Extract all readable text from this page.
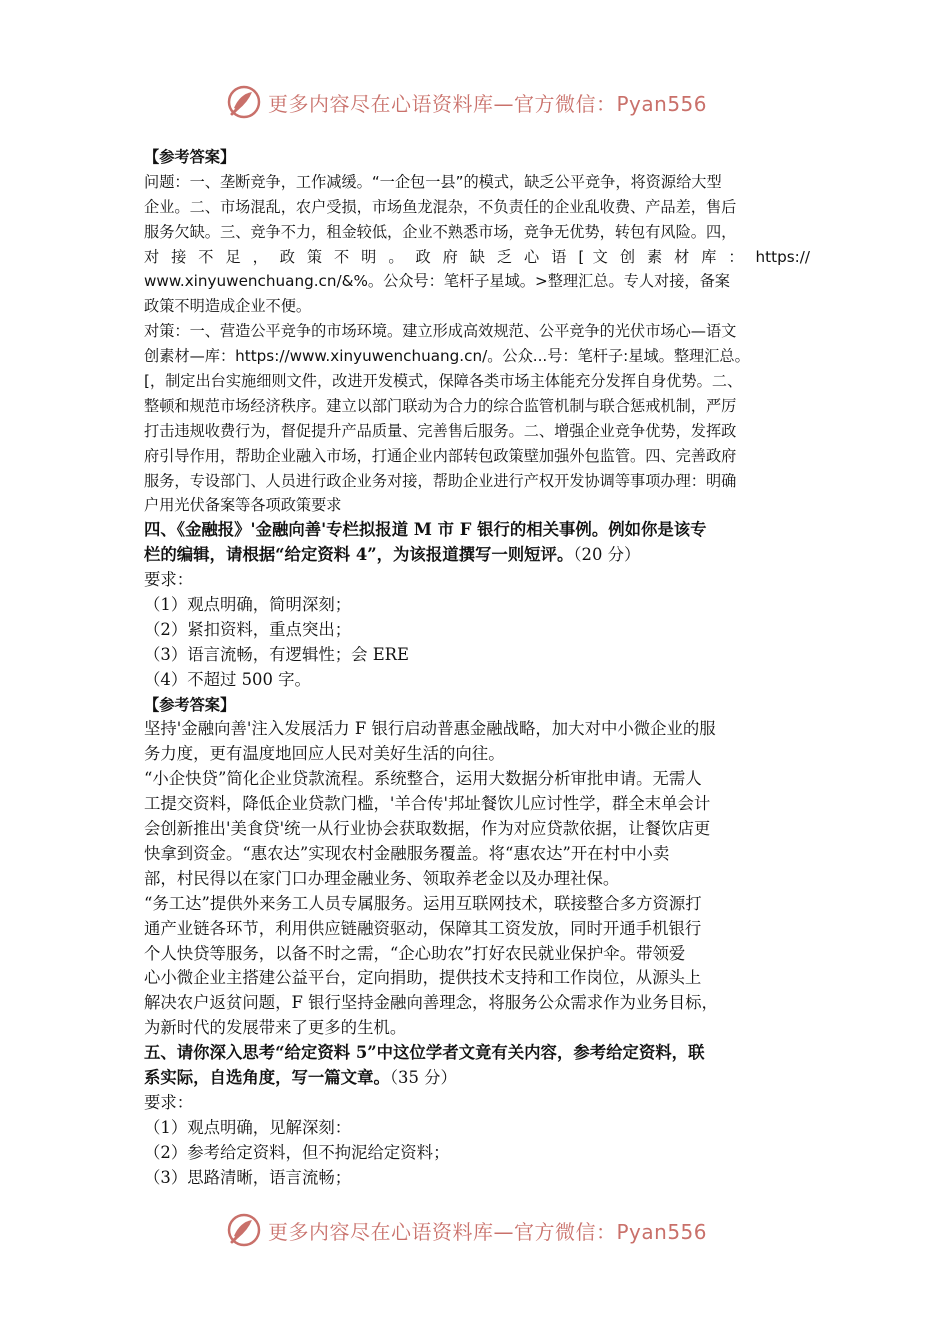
更多内容尽在心语资料库—官方微信：Pyan556
【参考答案】
问题：一、垄断竞争，工作减缓。“一企包一县”的模式，缺乏公平竞争，将资源给大型
企业。二、市场混乱，农户受损，市场鱼龙混杂，不负责任的企业乱收费、产品差，售后
服务欠缺。三、竞争不力，租金较低，企业不熟悉市场，竞争无优势，转包有风险。四，
对 接 不 足 ， 政 策 不 明 。 政 府 缺 乏 心 语 [ 文 创 素 材 库 ： https://
www.xinyuwenchuang.cn/&%。公众号：笔杆子星域。>整理汇总。专人对接，备案
政策不明造成企业不便。
对策：一、营造公平竞争的市场环境。建立形成高效规范、公平竞争的光伏市场心—语文
创素材—库：https://www.xinyuwenchuang.cn/。公众...号：笔杆子:星域。整理汇总。
[，制定出台实施细则文件，改进开发模式，保障各类市场主体能充分发挥自身优势。二、
整顿和规范市场经济秩序。建立以部门联动为合力的综合监管机制与联合惩戒机制，严厉
打击违规收费行为，督促提升产品质量、完善售后服务。二、增强企业竞争优势，发挥政
府引导作用，帮助企业融入市场，打通企业内部转包政策壁加强外包监管。四、完善政府
服务，专设部门、人员进行政企业务对接，帮助企业进行产权开发协调等事项办理：明确
户用光伏备案等各项政策要求
四、《金融报》'金融向善'专栏拟报道 M 市 F 银行的相关事例。例如你是该专
栏的编辑，请根据“给定资料 4”，为该报道撰写一则短评。（20 分）
要求：
（1）观点明确，简明深刻；
（2）紧扣资料，重点突出；
（3）语言流畅，有逻辑性；会 ERE
（4）不超过 500 字。
【参考答案】
坚持'金融向善'注入发展活力 F 银行启动普惠金融战略，加大对中小微企业的服
务力度，更有温度地回应人民对美好生活的向往。
“小企快贷”简化企业贷款流程。系统整合，运用大数据分析审批申请。无需人
工提交资料，降低企业贷款门槛，'羊合传'邦址餐饮儿应讨性学，群全末单会计
会创新推出'美食贷'统一从行业协会获取数据，作为对应贷款依据，让餐饮店更
快拿到资金。“惠农达”实现农村金融服务覆盖。将“惠农达”开在村中小卖
部，村民得以在家门口办理金融业务、领取养老金以及办理社保。
“务工达”提供外来务工人员专属服务。运用互联网技术，联接整合多方资源打
通产业链各环节，利用供应链融资驱动，保障其工资发放，同时开通手机银行
个人快贷等服务，以备不时之需，“企心助农”打好农民就业保护伞。带领爱
心小微企业主搭建公益平台，定向捐助，提供技术支持和工作岗位，从源头上
解决农户返贫问题，F 银行坚持金融向善理念，将服务公众需求作为业务目标，
为新时代的发展带来了更多的生机。
五、请你深入思考“给定资料 5”中这位学者文竟有关内容，参考给定资料，联
系实际，自选角度，写一篇文章。（35 分）
要求：
（1）观点明确，见解深刻：
（2）参考给定资料，但不拘泥给定资料；
（3）思路清晰，语言流畅；
更多内容尽在心语资料库—官方微信：Pyan556
